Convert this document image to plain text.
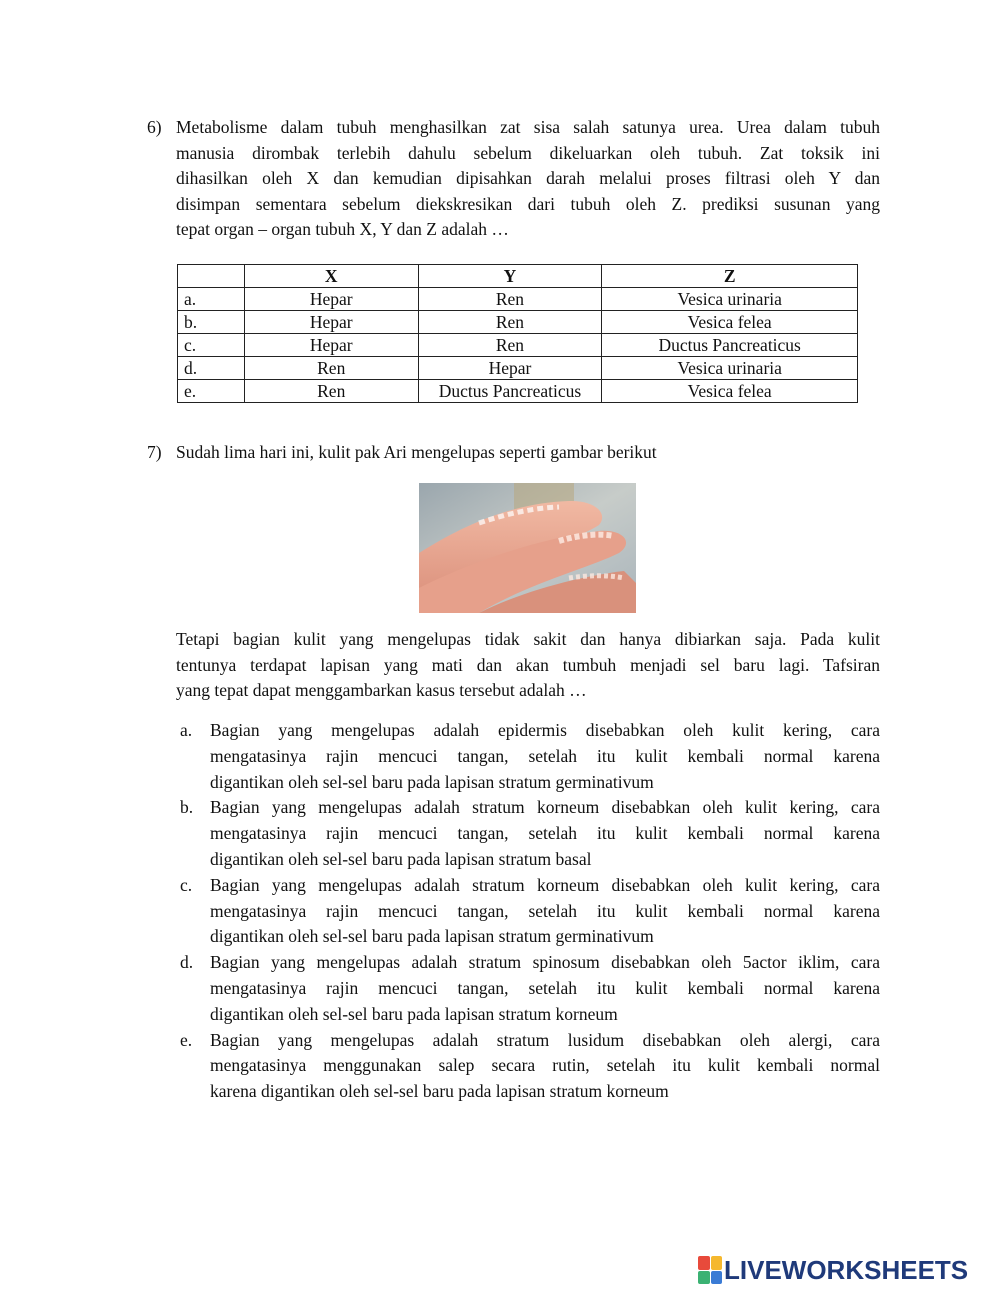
6) Metabolisme dalam tubuh menghasilkan zat sisa salah satunya urea. Urea dalam tubuh
manusia dirombak terlebih dahulu sebelum dikeluarkan oleh tubuh. Zat toksik ini
dihasilkan oleh X dan kemudian dipisahkan darah melalui proses filtrasi oleh Y dan
disimpan sementara sebelum diekskresikan dari tubuh oleh Z. prediksi susunan yang
tepat organ – organ tubuh X, Y dan Z adalah …
	X	Y	Z
a.	Hepar	Ren	Vesica urinaria
b.	Hepar	Ren	Vesica felea
c.	Hepar	Ren	Ductus Pancreaticus
d.	Ren	Hepar	Vesica urinaria
e.	Ren	Ductus Pancreaticus	Vesica felea
7) Sudah lima hari ini, kulit pak Ari mengelupas seperti gambar berikut
Tetapi bagian kulit yang mengelupas tidak sakit dan hanya dibiarkan saja. Pada kulit
tentunya terdapat lapisan yang mati dan akan tumbuh menjadi sel baru lagi. Tafsiran
yang tepat dapat menggambarkan kasus tersebut adalah …
a. Bagian yang mengelupas adalah epidermis disebabkan oleh kulit kering, cara
mengatasinya rajin mencuci tangan, setelah itu kulit kembali normal karena
digantikan oleh sel-sel baru pada lapisan stratum germinativum
b. Bagian yang mengelupas adalah stratum korneum disebabkan oleh kulit kering, cara
mengatasinya rajin mencuci tangan, setelah itu kulit kembali normal karena
digantikan oleh sel-sel baru pada lapisan stratum basal
c. Bagian yang mengelupas adalah stratum korneum disebabkan oleh kulit kering, cara
mengatasinya rajin mencuci tangan, setelah itu kulit kembali normal karena
digantikan oleh sel-sel baru pada lapisan stratum germinativum
d. Bagian yang mengelupas adalah stratum spinosum disebabkan oleh 5actor iklim, cara
mengatasinya rajin mencuci tangan, setelah itu kulit kembali normal karena
digantikan oleh sel-sel baru pada lapisan stratum korneum
e. Bagian yang mengelupas adalah stratum lusidum disebabkan oleh alergi, cara
mengatasinya menggunakan salep secara rutin, setelah itu kulit kembali normal
karena digantikan oleh sel-sel baru pada lapisan stratum korneum
LIVEWORKSHEETS
